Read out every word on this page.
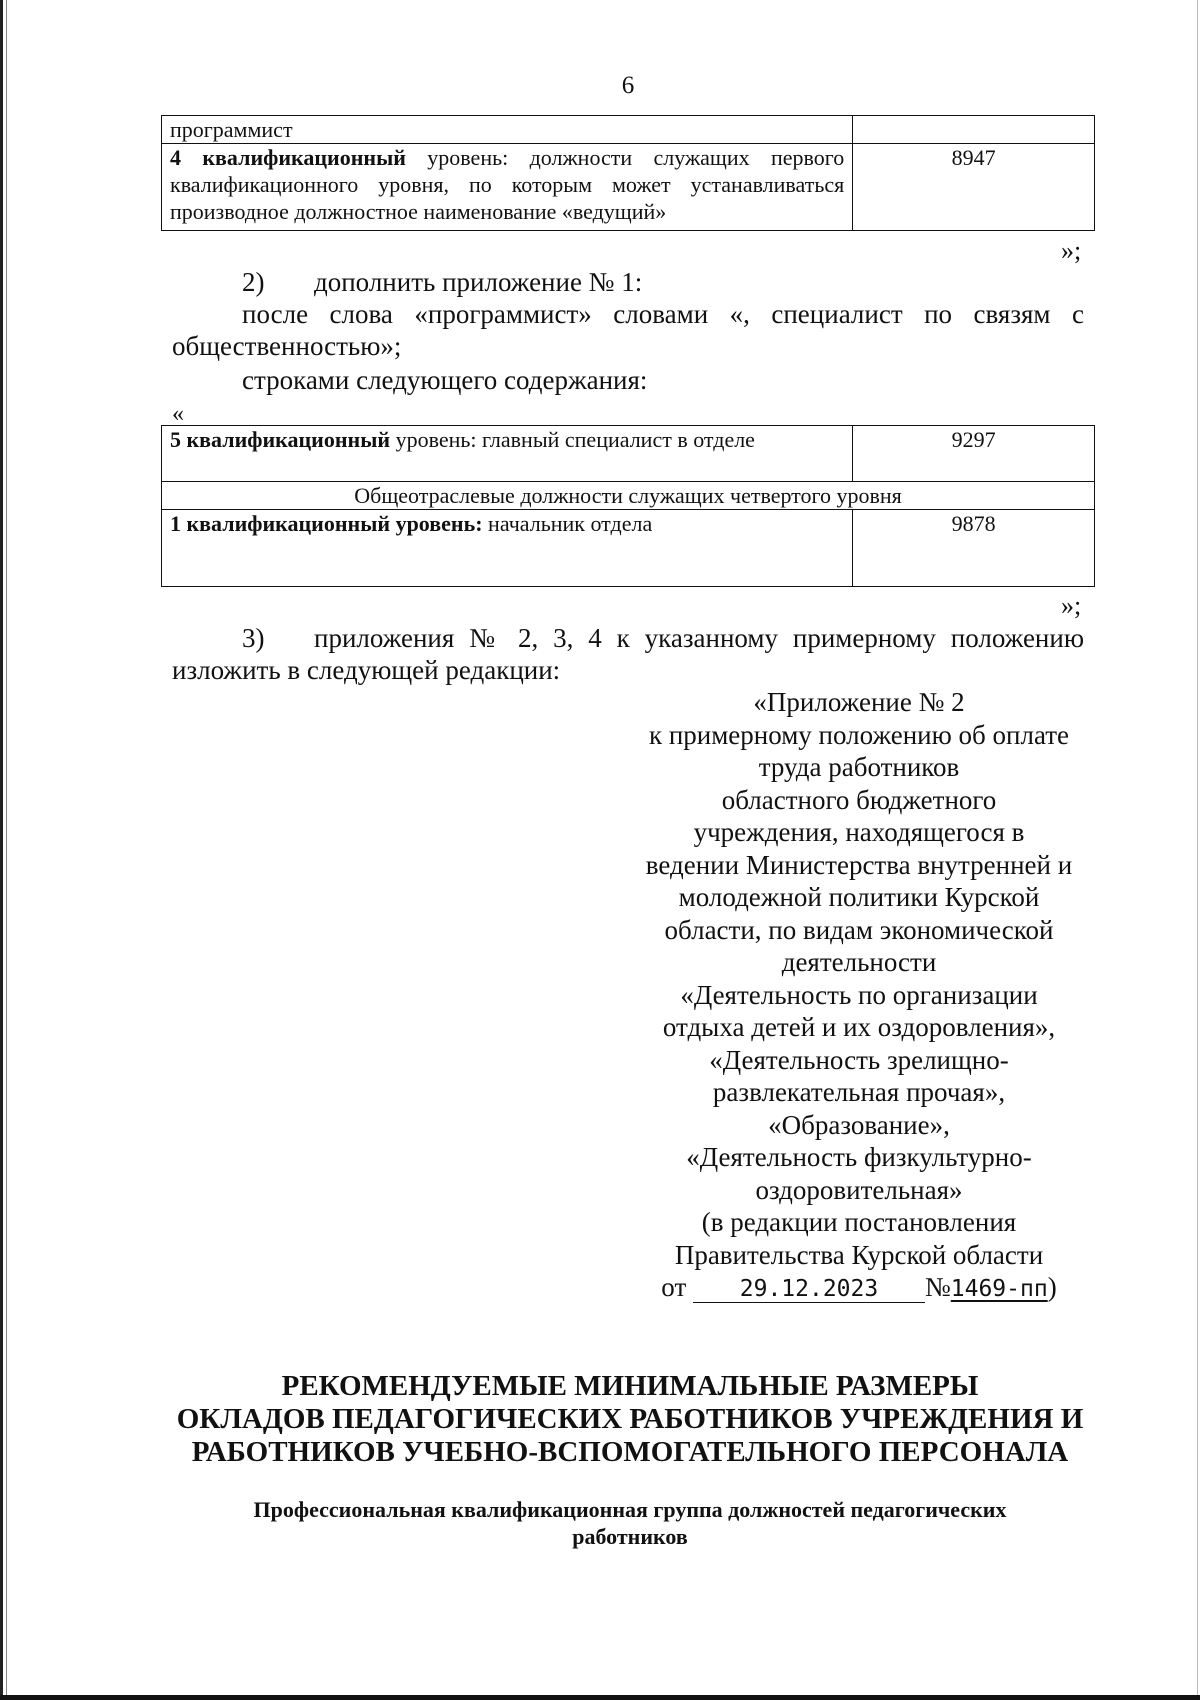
6
программист	
4 квалификационный уровень: должности служащих первого квалификационного уровня, по которым может устанавливаться производное должностное наименование «ведущий»	8947
»;
2) дополнить приложение № 1:
после слова «программист» словами «, специалист по связям с
общественностью»;
строками следующего содержания:
«
5 квалификационный уровень: главный специалист в отделе	9297
Общеотраслевые должности служащих четвертого уровня	
1 квалификационный уровень: начальник отдела	9878
»;
3) приложения № 2, 3, 4 к указанному примерному положению
изложить в следующей редакции:
«Приложение № 2
к примерному положению об оплате
труда работников
областного бюджетного
учреждения, находящегося в
ведении Министерства внутренней и
молодежной политики Курской
области, по видам экономической
деятельности
«Деятельность по организации
отдыха детей и их оздоровления»,
«Деятельность зрелищно-
развлекательная прочая»,
«Образование»,
«Деятельность физкультурно-
оздоровительная»
(в редакции постановления
Правительства Курской области
от 29.12.2023 №1469-пп)
РЕКОМЕНДУЕМЫЕ МИНИМАЛЬНЫЕ РАЗМЕРЫ
ОКЛАДОВ ПЕДАГОГИЧЕСКИХ РАБОТНИКОВ УЧРЕЖДЕНИЯ И
РАБОТНИКОВ УЧЕБНО-ВСПОМОГАТЕЛЬНОГО ПЕРСОНАЛА
Профессиональная квалификационная группа должностей педагогических
работников
